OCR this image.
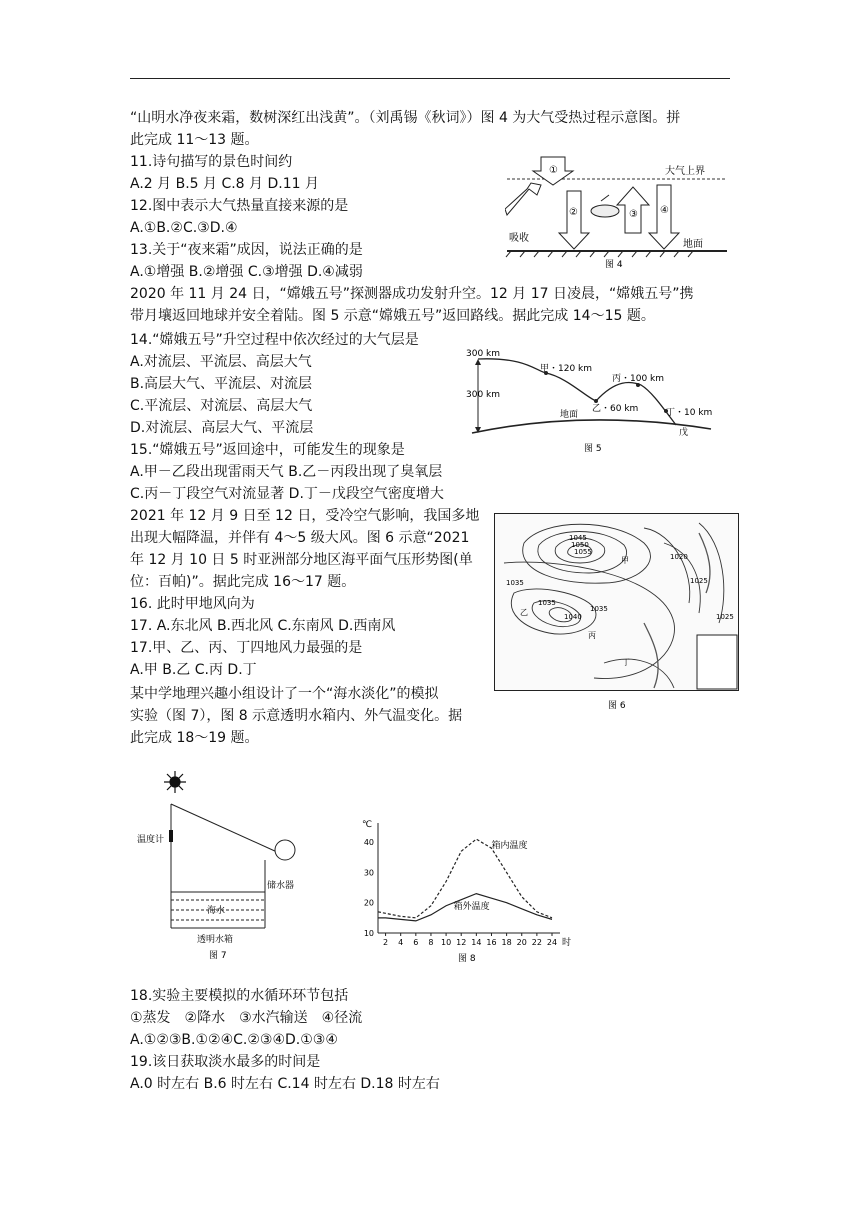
“山明水净夜来霜，数树深红出浅黄”。（刘禹锡《秋词》）图 4 为大气受热过程示意图。拼
此完成 11～13 题。
11.诗句描写的景色时间约
A.2 月 B.5 月 C.8 月 D.11 月
12.图中表示大气热量直接来源的是
A.①B.②C.③D.④
13.关于“夜来霜”成因，说法正确的是
A.①增强 B.②增强 C.③增强 D.④减弱
2020 年 11 月 24 日，“嫦娥五号”探测器成功发射升空。12 月 17 日凌晨，“嫦娥五号”携
带月壤返回地球并安全着陆。图 5 示意“嫦娥五号”返回路线。据此完成 14～15 题。
14.“嫦娥五号”升空过程中依次经过的大气层是
A.对流层、平流层、高层大气
B.高层大气、平流层、对流层
C.平流层、对流层、高层大气
D.对流层、高层大气、平流层
15.“嫦娥五号”返回途中，可能发生的现象是
A.甲－乙段出现雷雨天气 B.乙－丙段出现了臭氧层
C.丙－丁段空气对流显著 D.丁－戊段空气密度增大
2021 年 12 月 9 日至 12 日，受冷空气影响，我国多地
出现大幅降温，并伴有 4～5 级大风。图 6 示意“2021
年 12 月 10 日 5 时亚洲部分地区海平面气压形势图(单
位：百帕)”。据此完成 16～17 题。
16. 此时甲地风向为
17. A.东北风 B.西北风 C.东南风 D.西南风
17.甲、乙、丙、丁四地风力最强的是
A.甲 B.乙 C.丙 D.丁
某中学地理兴趣小组设计了一个“海水淡化”的模拟
实验（图 7），图 8 示意透明水箱内、外气温变化。据
此完成 18～19 题。
18.实验主要模拟的水循环环节包括
①蒸发　②降水　③水汽输送　④径流
A.①②③B.①②④C.②③④D.①③④
19.该日获取淡水最多的时间是
A.0 时左右 B.6 时左右 C.14 时左右 D.18 时左右
大气上界
①
吸收
②	③ ④
地面
图 4
300 km
300 km
甲・120 km
乙・60 km
丙・100 km
丁・10 km
地面
戊
图 5
1045
1050
1055
1035
1035
1040
1035
1020
1025
1025
甲
乙
丙
丁
图 6
温度计
储水器
海水
透明水箱
图 7
℃
时
10
20
30
40
2 4 6 8 10 12 14 16 18 20 22 24
箱内温度
箱外温度
图 8
